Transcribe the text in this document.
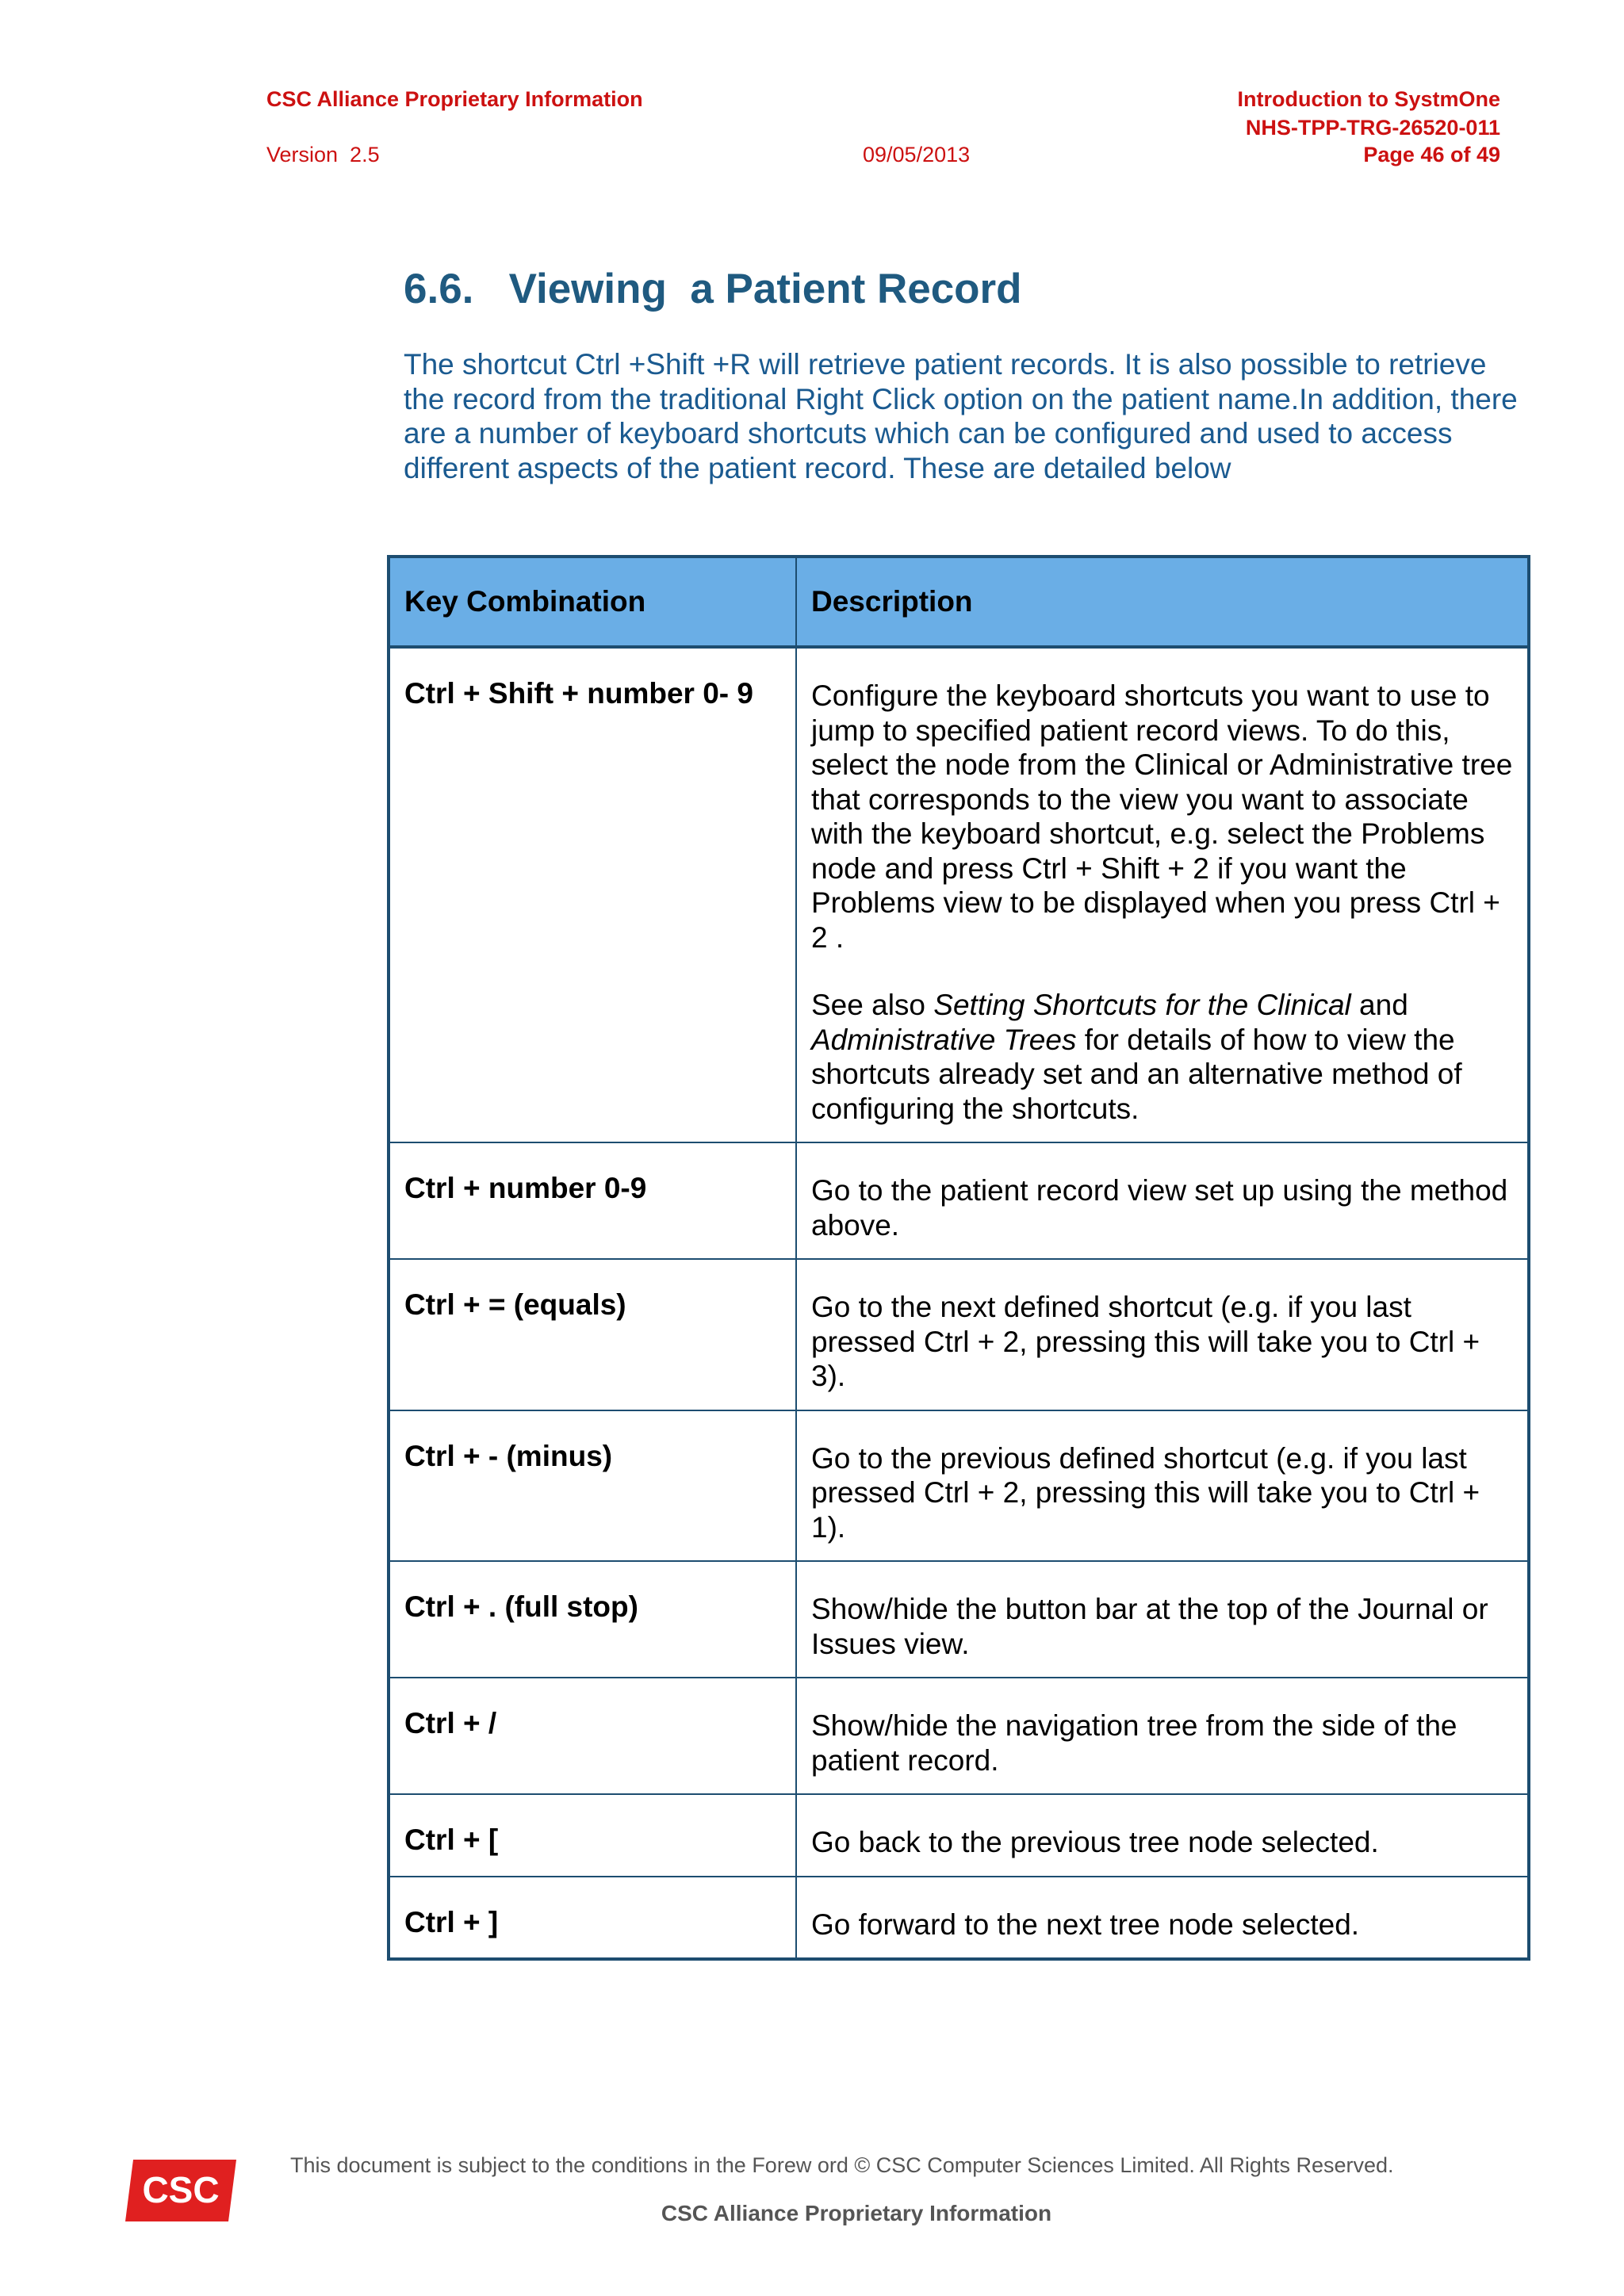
CSC Alliance Proprietary Information	Introduction to SystmOne
NHS-TPP-TRG-26520-011
Version  2.5	09/05/2013	Page 46 of 49
6.6.   Viewing  a Patient Record
The shortcut Ctrl +Shift +R will retrieve patient records. It is also possible to retrieve the record from the traditional Right Click option on the patient name.In addition, there are a number of keyboard shortcuts which can be configured and used to access different aspects of the patient record. These are detailed below
Key Combination	Description
Ctrl + Shift + number 0- 9	Configure the keyboard shortcuts you want to use to jump to specified patient record views. To do this, select the node from the Clinical or Administrative tree that corresponds to the view you want to associate with the keyboard shortcut, e.g. select the Problems node and press Ctrl + Shift + 2 if you want the Problems view to be displayed when you press Ctrl + 2 .

See also Setting Shortcuts for the Clinical and Administrative Trees for details of how to view the shortcuts already set and an alternative method of configuring the shortcuts.

Ctrl + number 0-9	Go to the patient record view set up using the method above.
Ctrl + = (equals)	Go to the next defined shortcut (e.g. if you last pressed Ctrl + 2, pressing this will take you to Ctrl + 3).
Ctrl + - (minus)	Go to the previous defined shortcut (e.g. if you last pressed Ctrl + 2, pressing this will take you to Ctrl + 1).
Ctrl + . (full stop)	Show/hide the button bar at the top of the Journal or Issues view.
Ctrl + /	Show/hide the navigation tree from the side of the patient record.
Ctrl + [	Go back to the previous tree node selected.
Ctrl + ]	Go forward to the next tree node selected.
CSC
This document is subject to the conditions in the Forew ord © CSC Computer Sciences Limited. All Rights Reserved.
CSC Alliance Proprietary Information
